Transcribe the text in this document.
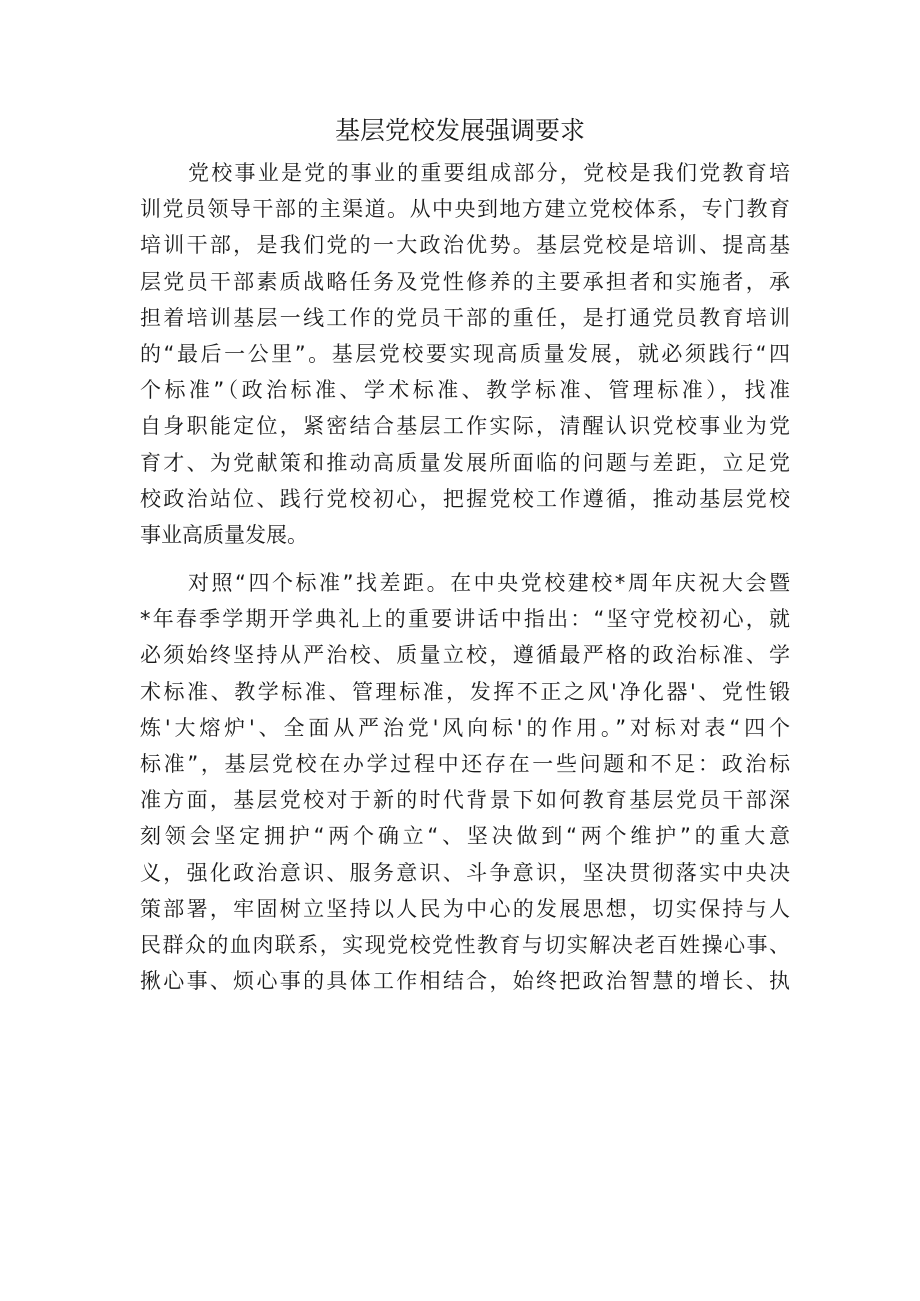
基层党校发展强调要求
党校事业是党的事业的重要组成部分，党校是我们党教育培
训党员领导干部的主渠道。从中央到地方建立党校体系，专门教育
培训干部，是我们党的一大政治优势。基层党校是培训、提高基
层党员干部素质战略任务及党性修养的主要承担者和实施者，承
担着培训基层一线工作的党员干部的重任，是打通党员教育培训
的“最后一公里”。基层党校要实现高质量发展，就必须践行“四
个标准”（政治标准、学术标准、教学标准、管理标准），找准
自身职能定位，紧密结合基层工作实际，清醒认识党校事业为党
育才、为党献策和推动高质量发展所面临的问题与差距，立足党
校政治站位、践行党校初心，把握党校工作遵循，推动基层党校
事业高质量发展。
对照“四个标准”找差距。在中央党校建校*周年庆祝大会暨
*年春季学期开学典礼上的重要讲话中指出：“坚守党校初心，就
必须始终坚持从严治校、质量立校，遵循最严格的政治标准、学
术标准、教学标准、管理标准，发挥不正之风'净化器'、党性锻
炼'大熔炉'、全面从严治党'风向标'的作用。”对标对表“四个
标准”，基层党校在办学过程中还存在一些问题和不足：政治标
准方面，基层党校对于新的时代背景下如何教育基层党员干部深
刻领会坚定拥护“两个确立“、坚决做到“两个维护”的重大意
义，强化政治意识、服务意识、斗争意识，坚决贯彻落实中央决
策部署，牢固树立坚持以人民为中心的发展思想，切实保持与人
民群众的血肉联系，实现党校党性教育与切实解决老百姓操心事、
揪心事、烦心事的具体工作相结合，始终把政治智慧的增长、执
